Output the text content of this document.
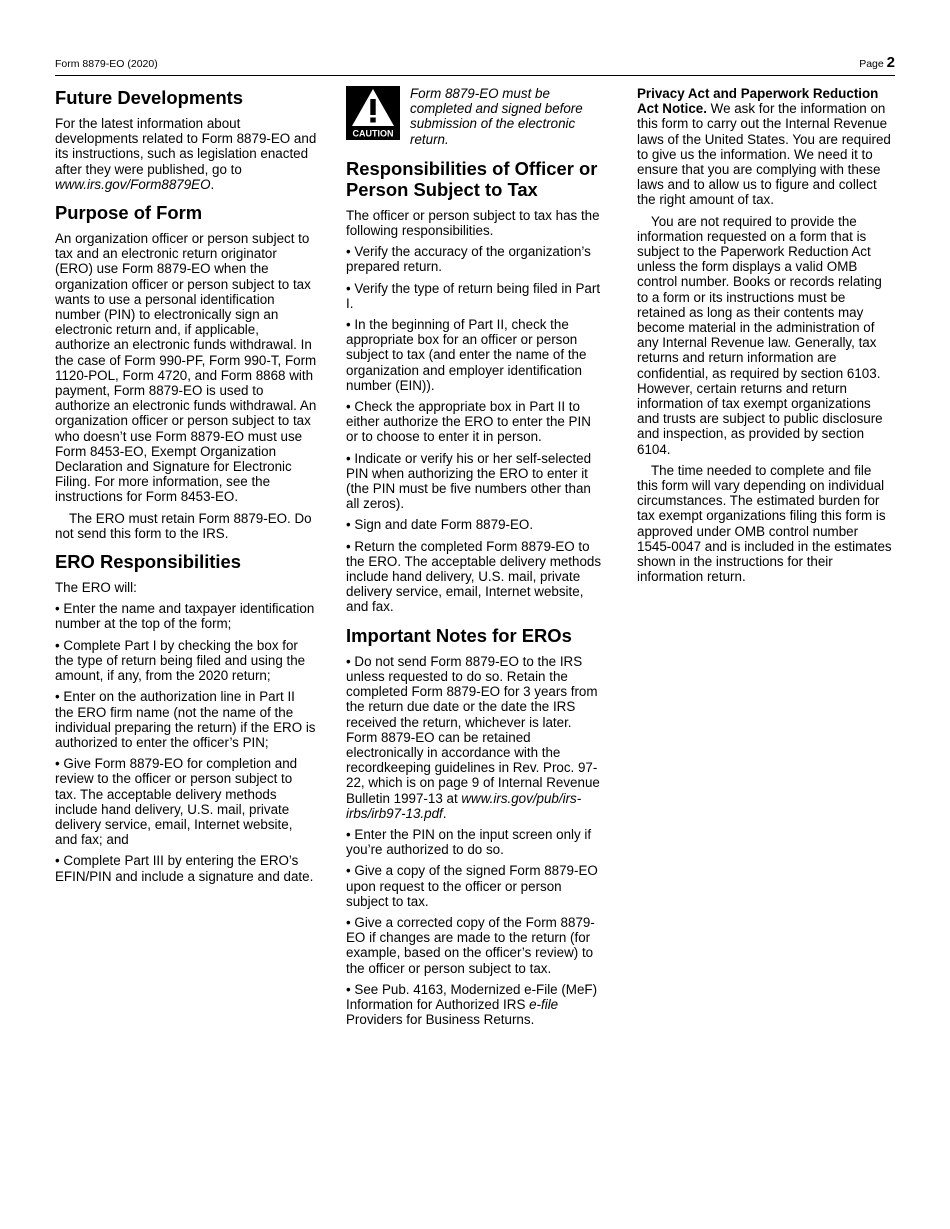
Form 8879-EO (2020)	Page 2
Future Developments

For the latest information about developments related to Form 8879-EO and its instructions, such as legislation enacted after they were published, go to www.irs.gov/Form8879EO.

Purpose of Form

An organization officer or person subject to tax and an electronic return originator (ERO) use Form 8879-EO when the organization officer or person subject to tax wants to use a personal identification number (PIN) to electronically sign an electronic return and, if applicable, authorize an electronic funds withdrawal. In the case of Form 990-PF, Form 990-T, Form 1120-POL, Form 4720, and Form 8868 with payment, Form 8879-EO is used to authorize an electronic funds withdrawal. An organization officer or person subject to tax who doesn’t use Form 8879-EO must use Form 8453-EO, Exempt Organization Declaration and Signature for Electronic Filing. For more information, see the instructions for Form 8453-EO.

The ERO must retain Form 8879-EO. Do not send this form to the IRS.

ERO Responsibilities

The ERO will:

• Enter the name and taxpayer identification number at the top of the form;

• Complete Part I by checking the box for the type of return being filed and using the amount, if any, from the 2020 return;

• Enter on the authorization line in Part II the ERO firm name (not the name of the individual preparing the return) if the ERO is authorized to enter the officer’s PIN;

• Give Form 8879-EO for completion and review to the officer or person subject to tax. The acceptable delivery methods include hand delivery, U.S. mail, private delivery service, email, Internet website, and fax; and

• Complete Part III by entering the ERO’s EFIN/PIN and include a signature and date.

CAUTION
Form 8879-EO must be completed and signed before submission of the electronic return.
Responsibilities of Officer or Person Subject to Tax

The officer or person subject to tax has the following responsibilities.

• Verify the accuracy of the organization’s prepared return.

• Verify the type of return being filed in Part I.

• In the beginning of Part II, check the appropriate box for an officer or person subject to tax (and enter the name of the organization and employer identification number (EIN)).

• Check the appropriate box in Part II to either authorize the ERO to enter the PIN or to choose to enter it in person.

• Indicate or verify his or her self-selected PIN when authorizing the ERO to enter it (the PIN must be five numbers other than all zeros).

• Sign and date Form 8879-EO.

• Return the completed Form 8879-EO to the ERO. The acceptable delivery methods include hand delivery, U.S. mail, private delivery service, email, Internet website, and fax.

Important Notes for EROs

• Do not send Form 8879-EO to the IRS unless requested to do so. Retain the completed Form 8879-EO for 3 years from the return due date or the date the IRS received the return, whichever is later. Form 8879-EO can be retained electronically in accordance with the recordkeeping guidelines in Rev. Proc. 97-22, which is on page 9 of Internal Revenue Bulletin 1997-13 at www.irs.gov/pub/irs-irbs/irb97-13.pdf.

• Enter the PIN on the input screen only if you’re authorized to do so.

• Give a copy of the signed Form 8879-EO upon request to the officer or person subject to tax.

• Give a corrected copy of the Form 8879-EO if changes are made to the return (for example, based on the officer’s review) to the officer or person subject to tax.

• See Pub. 4163, Modernized e-File (MeF) Information for Authorized IRS e-file Providers for Business Returns.

Privacy Act and Paperwork Reduction Act Notice. We ask for the information on this form to carry out the Internal Revenue laws of the United States. You are required to give us the information. We need it to ensure that you are complying with these laws and to allow us to figure and collect the right amount of tax.

You are not required to provide the information requested on a form that is subject to the Paperwork Reduction Act unless the form displays a valid OMB control number. Books or records relating to a form or its instructions must be retained as long as their contents may become material in the administration of any Internal Revenue law. Generally, tax returns and return information are confidential, as required by section 6103. However, certain returns and return information of tax exempt organizations and trusts are subject to public disclosure and inspection, as provided by section 6104.

The time needed to complete and file this form will vary depending on individual circumstances. The estimated burden for tax exempt organizations filing this form is approved under OMB control number 1545-0047 and is included in the estimates shown in the instructions for their information return.
